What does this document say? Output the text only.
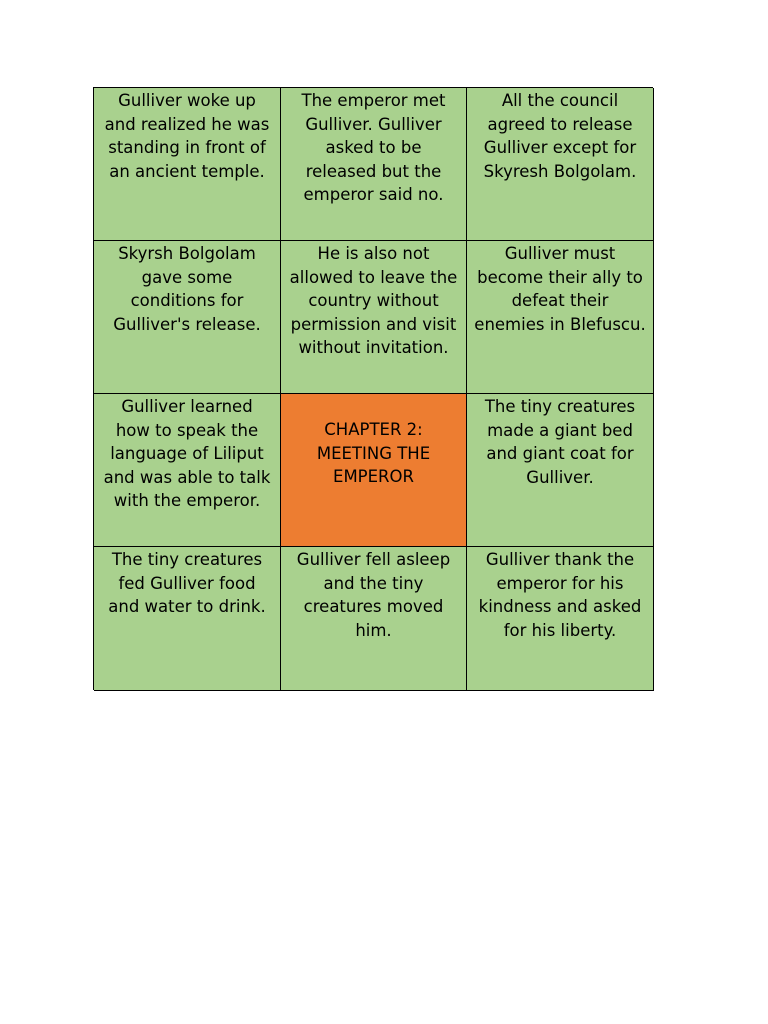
Gulliver woke up
and realized he was
standing in front of
an ancient temple.
The emperor met
Gulliver. Gulliver
asked to be
released but the
emperor said no.
All the council
agreed to release
Gulliver except for
Skyresh Bolgolam.
Skyrsh Bolgolam
gave some
conditions for
Gulliver's release.
He is also not
allowed to leave the
country without
permission and visit
without invitation.
Gulliver must
become their ally to
defeat their
enemies in Blefuscu.
Gulliver learned
how to speak the
language of Liliput
and was able to talk
with the emperor.
CHAPTER 2:
MEETING THE
EMPEROR
The tiny creatures
made a giant bed
and giant coat for
Gulliver.
The tiny creatures
fed Gulliver food
and water to drink.
Gulliver fell asleep
and the tiny
creatures moved
him.
Gulliver thank the
emperor for his
kindness and asked
for his liberty.
